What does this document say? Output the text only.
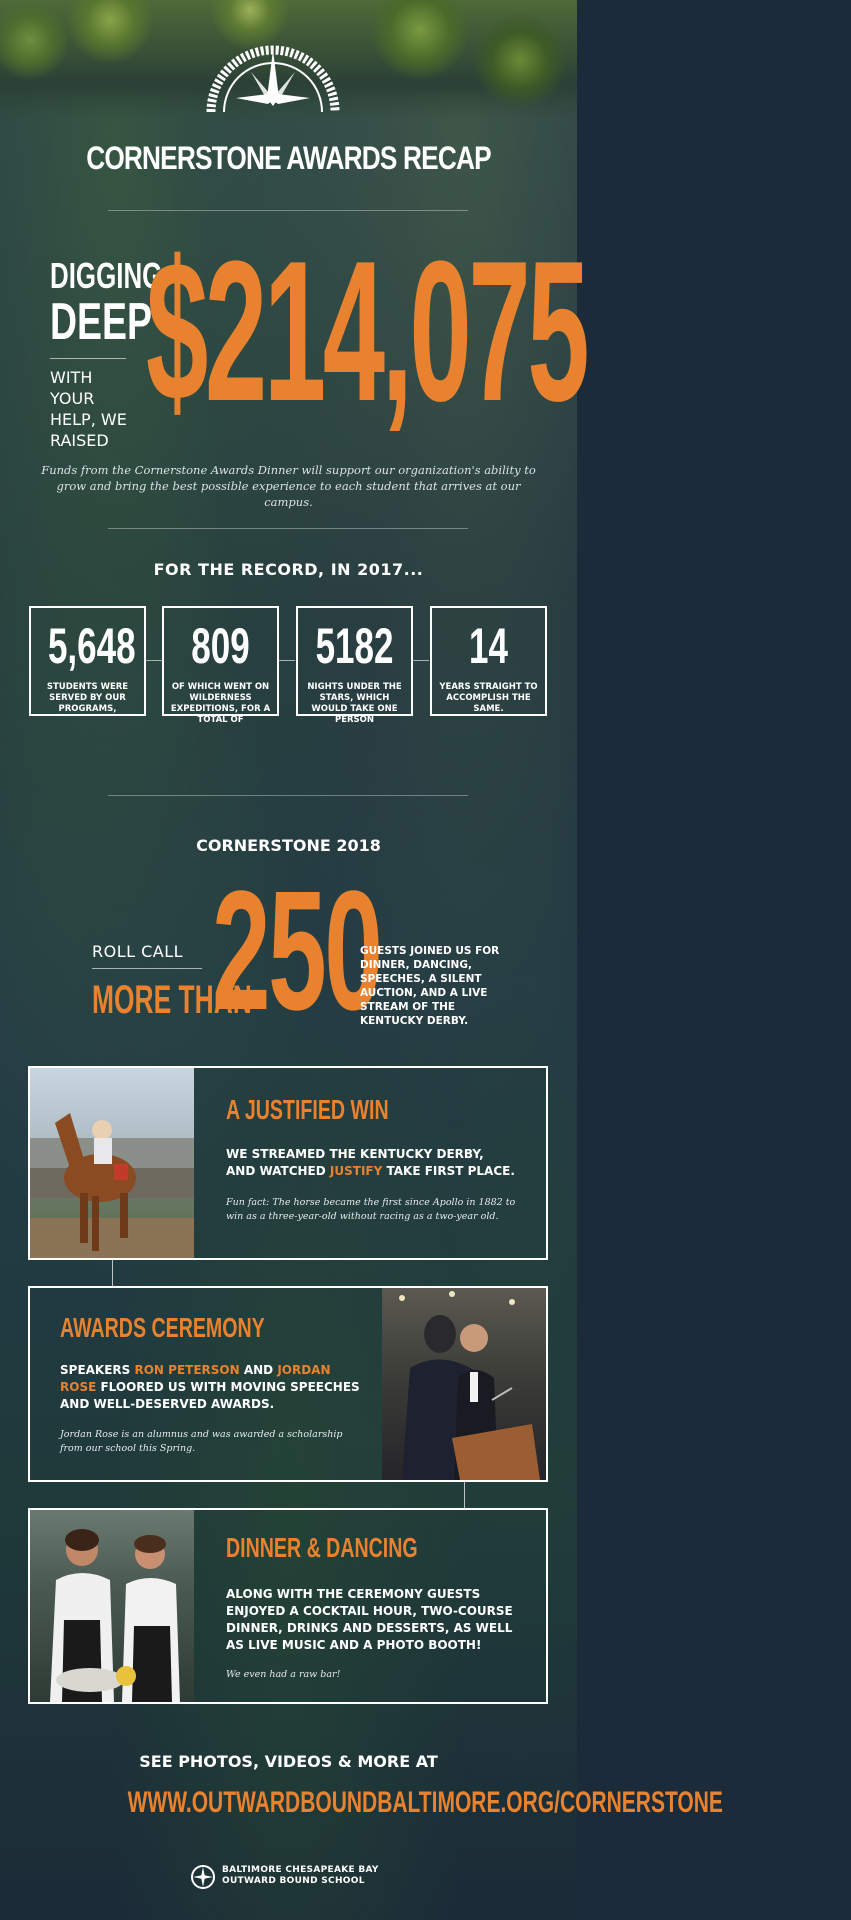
CORNERSTONE AWARDS RECAP
DIGGING
DEEP
WITH YOUR
HELP, WE
RAISED $214,075
Funds from the Cornerstone Awards Dinner will support our organization's ability to grow and bring the best possible experience to each student that arrives at our campus.
FOR THE RECORD, IN 2017...
5,648
STUDENTS WERE SERVED BY OUR PROGRAMS,
809
OF WHICH WENT ON WILDERNESS EXPEDITIONS, FOR A TOTAL OF
5182
NIGHTS UNDER THE STARS, WHICH WOULD TAKE ONE PERSON
14
YEARS STRAIGHT TO ACCOMPLISH THE SAME.
CORNERSTONE 2018
ROLL CALL
MORE THAN
250
GUESTS JOINED US FOR DINNER, DANCING, SPEECHES, A SILENT AUCTION, AND A LIVE STREAM OF THE KENTUCKY DERBY.
A JUSTIFIED WIN
WE STREAMED THE KENTUCKY DERBY, AND WATCHED JUSTIFY TAKE FIRST PLACE.
Fun fact: The horse became the first since Apollo in 1882 to win as a three-year-old without racing as a two-year old.
AWARDS CEREMONY
SPEAKERS RON PETERSON AND JORDAN ROSE FLOORED US WITH MOVING SPEECHES AND WELL-DESERVED AWARDS.
Jordan Rose is an alumnus and was awarded a scholarship from our school this Spring.
DINNER & DANCING
ALONG WITH THE CEREMONY GUESTS ENJOYED A COCKTAIL HOUR, TWO-COURSE DINNER, DRINKS AND DESSERTS, AS WELL AS LIVE MUSIC AND A PHOTO BOOTH!
We even had a raw bar!
SEE PHOTOS, VIDEOS & MORE AT
WWW.OUTWARDBOUNDBALTIMORE.ORG/CORNERSTONE
BALTIMORE CHESAPEAKE BAY
OUTWARD BOUND SCHOOL
